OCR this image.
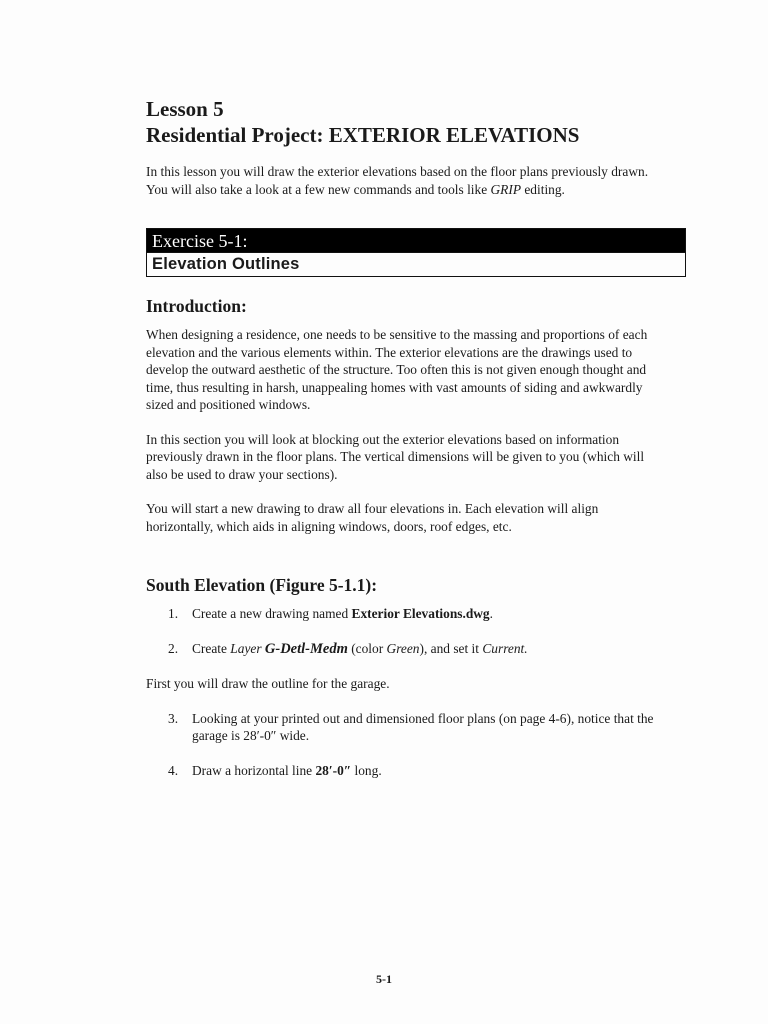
Lesson 5
Residential Project: EXTERIOR ELEVATIONS

In this lesson you will draw the exterior elevations based on the floor plans previously drawn. You will also take a look at a few new commands and tools like GRIP editing.

Exercise 5-1:
Elevation Outlines
Introduction:

When designing a residence, one needs to be sensitive to the massing and proportions of each elevation and the various elements within. The exterior elevations are the drawings used to develop the outward aesthetic of the structure. Too often this is not given enough thought and time, thus resulting in harsh, unappealing homes with vast amounts of siding and awkwardly sized and positioned windows.

In this section you will look at blocking out the exterior elevations based on information previously drawn in the floor plans. The vertical dimensions will be given to you (which will also be used to draw your sections).

You will start a new drawing to draw all four elevations in. Each elevation will align horizontally, which aids in aligning windows, doors, roof edges, etc.

South Elevation (Figure 5-1.1):
1.	Create a new drawing named Exterior Elevations.dwg.
2.	Create Layer G-Detl-Medm (color Green), and set it Current.

First you will draw the outline for the garage.

3.	Looking at your printed out and dimensioned floor plans (on page 4-6), notice that the garage is 28′-0″ wide.
4.	Draw a horizontal line 28′-0″ long.
5-1
